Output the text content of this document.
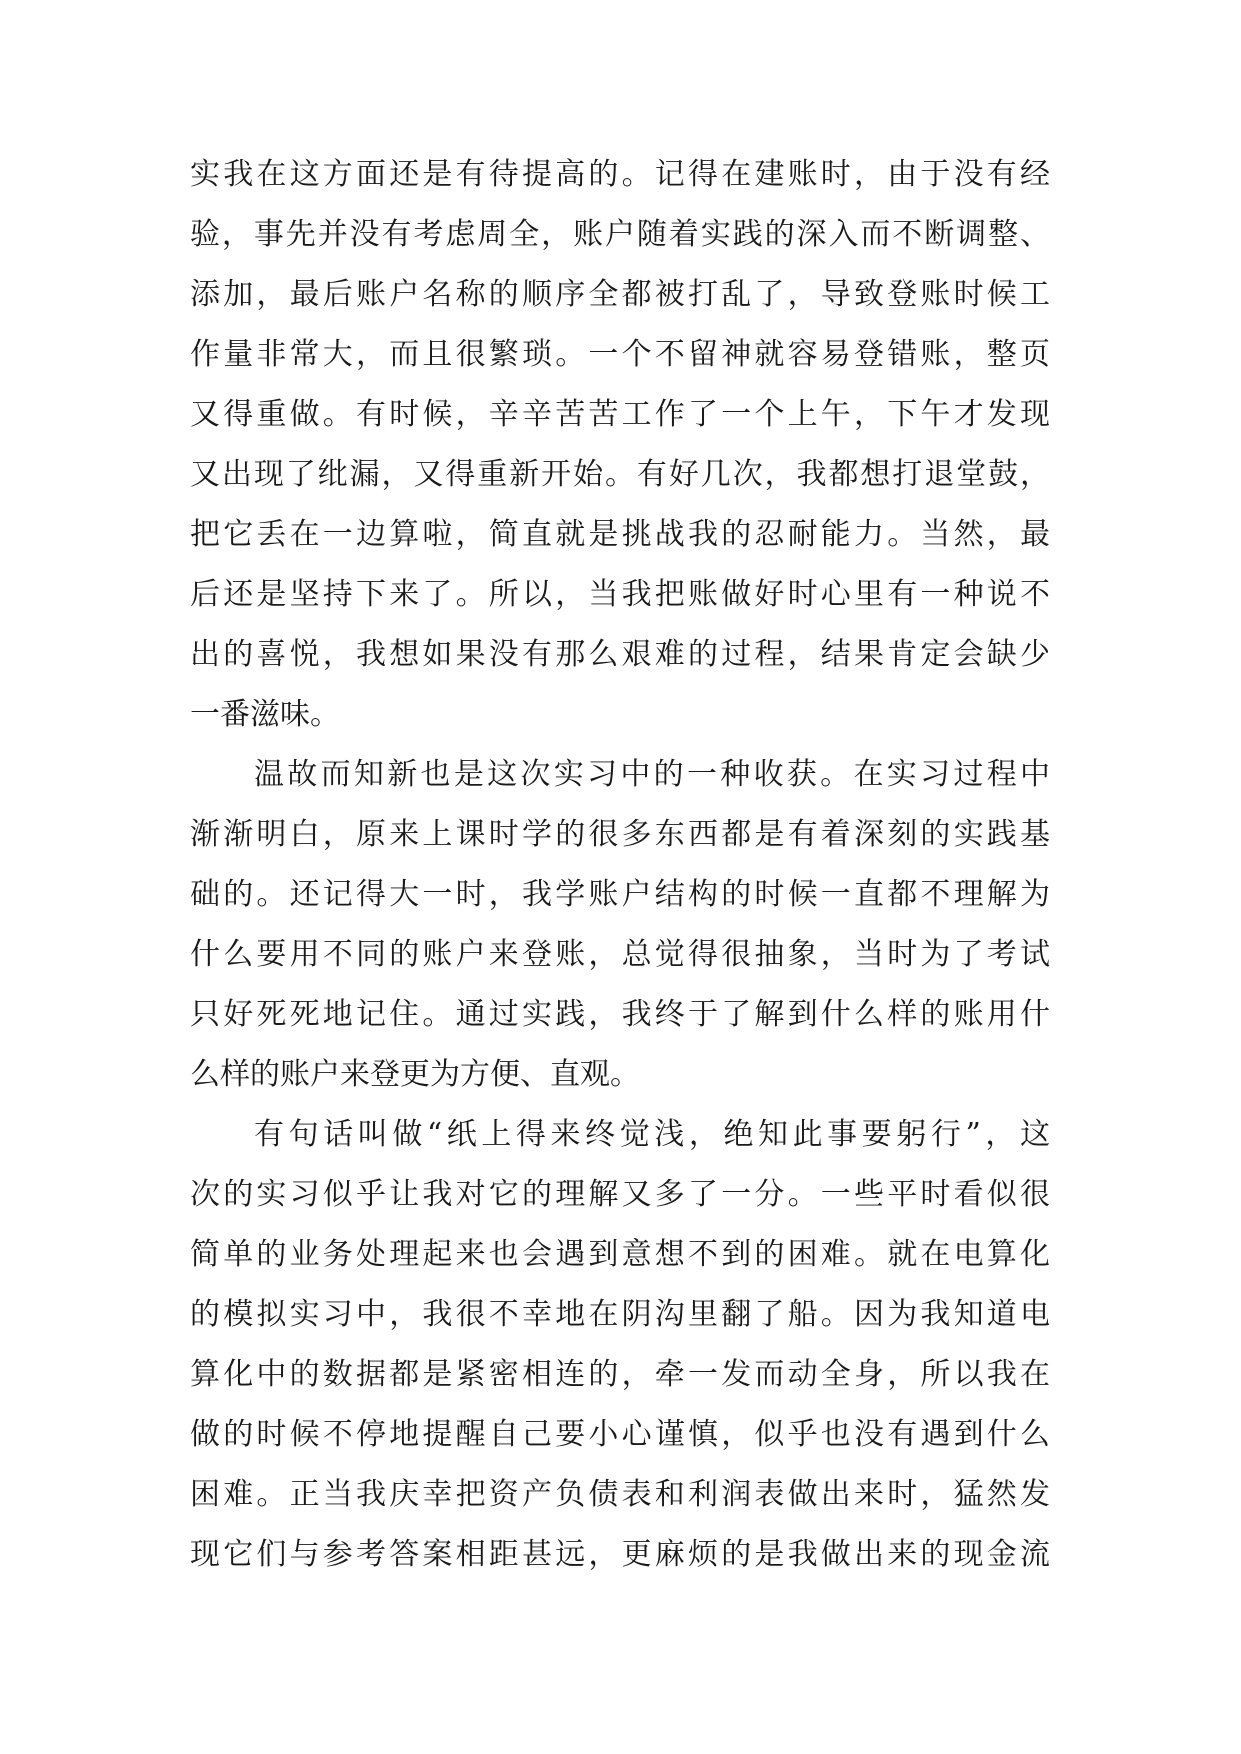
实我在这方面还是有待提高的。记得在建账时，由于没有经
验，事先并没有考虑周全，账户随着实践的深入而不断调整、
添加，最后账户名称的顺序全都被打乱了，导致登账时候工
作量非常大，而且很繁琐。一个不留神就容易登错账，整页
又得重做。有时候，辛辛苦苦工作了一个上午，下午才发现
又出现了纰漏，又得重新开始。有好几次，我都想打退堂鼓，
把它丢在一边算啦，简直就是挑战我的忍耐能力。当然，最
后还是坚持下来了。所以，当我把账做好时心里有一种说不
出的喜悦，我想如果没有那么艰难的过程，结果肯定会缺少
一番滋味。
温故而知新也是这次实习中的一种收获。在实习过程中
渐渐明白，原来上课时学的很多东西都是有着深刻的实践基
础的。还记得大一时，我学账户结构的时候一直都不理解为
什么要用不同的账户来登账，总觉得很抽象，当时为了考试
只好死死地记住。通过实践，我终于了解到什么样的账用什
么样的账户来登更为方便、直观。
有句话叫做“纸上得来终觉浅，绝知此事要躬行”，这
次的实习似乎让我对它的理解又多了一分。一些平时看似很
简单的业务处理起来也会遇到意想不到的困难。就在电算化
的模拟实习中，我很不幸地在阴沟里翻了船。因为我知道电
算化中的数据都是紧密相连的，牵一发而动全身，所以我在
做的时候不停地提醒自己要小心谨慎，似乎也没有遇到什么
困难。正当我庆幸把资产负债表和利润表做出来时，猛然发
现它们与参考答案相距甚远，更麻烦的是我做出来的现金流
